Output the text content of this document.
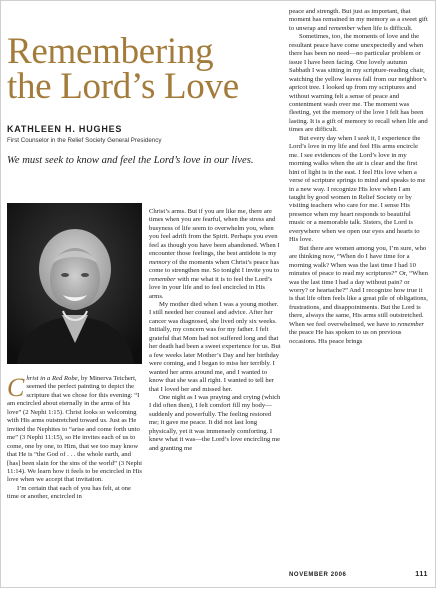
Remembering
the Lord’s Love
KATHLEEN H. HUGHES
First Counselor in the Relief Society General Presidency
We must seek to know and feel the Lord’s love in our lives.

Christ in a Red Robe, by Minerva Teichert, seemed the perfect painting to depict the scripture that we chose for this evening: “I am encircled about eternally in the arms of his love” (2 Nephi 1:15). Christ looks so welcoming with His arms outstretched toward us. Just as He invited the Nephites to “arise and come forth unto me” (3 Nephi 11:15), so He invites each of us to come, one by one, to Him, that we too may know that He is “the God of . . . the whole earth, and [has] been slain for the sins of the world” (3 Nephi 11:14). We learn how it feels to be encircled in His love when we accept that invitation.

I’m certain that each of you has felt, at one time or another, encircled in

Christ’s arms. But if you are like me, there are times when you are fearful, when the stress and busyness of life seem to overwhelm you, when you feel adrift from the Spirit. Perhaps you even feel as though you have been abandoned. When I encounter those feelings, the best antidote is my memory of the moments when Christ’s peace has come to strengthen me. So tonight I invite you to remember with me what it is to feel the Lord’s love in your life and to feel encircled in His arms.

My mother died when I was a young mother. I still needed her counsel and advice. After her cancer was diagnosed, she lived only six weeks. Initially, my concern was for my father. I felt grateful that Mom had not suffered long and that her death had been a sweet experience for us. But a few weeks later Mother’s Day and her birthday were coming, and I began to miss her terribly. I wanted her arms around me, and I wanted to know that she was all right. I wanted to tell her that I loved her and missed her.

One night as I was praying and crying (which I did often then), I felt comfort fill my body—suddenly and powerfully. The feeling restored me; it gave me peace. It did not last long physically, yet it was immensely comforting. I knew what it was—the Lord’s love encircling me and granting me

peace and strength. But just as important, that moment has remained in my memory as a sweet gift to unwrap and remember when life is difficult.

Sometimes, too, the moments of love and the resultant peace have come unexpectedly and when there has been no need—no particular problem or issue I have been facing. One lovely autumn Sabbath I was sitting in my scripture-reading chair, watching the yellow leaves fall from our neighbor’s apricot tree. I looked up from my scriptures and without warning felt a sense of peace and contentment wash over me. The moment was fleeting, yet the memory of the love I felt has been lasting. It is a gift of memory to recall when life and times are difficult.

But every day when I seek it, I experience the Lord’s love in my life and feel His arms encircle me. I see evidences of the Lord’s love in my morning walks when the air is clear and the first hint of light is in the east. I feel His love when a verse of scripture springs to mind and speaks to me in a new way. I recognize His love when I am taught by good women in Relief Society or by visiting teachers who care for me. I sense His presence when my heart responds to beautiful music or a memorable talk. Sisters, the Lord is everywhere when we open our eyes and hearts to His love.

But there are women among you, I’m sure, who are thinking now, “When do I have time for a morning walk? When was the last time I had 10 minutes of peace to read my scriptures?” Or, “When was the last time I had a day without pain? or worry? or heartache?” And I recognize how true it is that life often feels like a great pile of obligations, frustrations, and disappointments. But the Lord is there, always the same, His arms still outstretched. When we feel overwhelmed, we have to remember the peace He has spoken to us on previous occasions. His peace brings

NOVEMBER 2006	111
